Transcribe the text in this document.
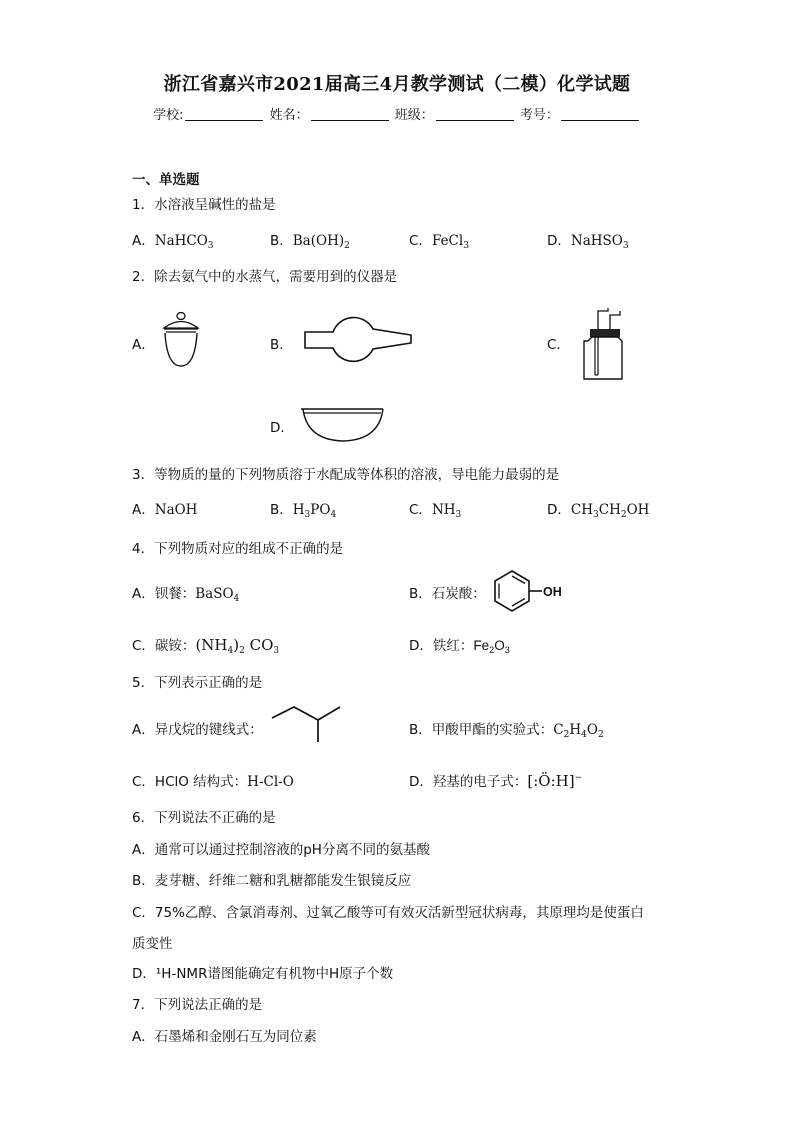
浙江省嘉兴市2021届高三4月教学测试（二模）化学试题
学校:	姓名：	班级：	考号：
一、单选题
1．水溶液呈碱性的盐是
A．NaHCO$_3$	B．$Ba(OH)_2$	C．FeCl$_3$	D．NaHSO$_3$
2．除去氨气中的水蒸气，需要用到的仪器是
A．	B．	C．
D．
3．等物质的量的下列物质溶于水配成等体积的溶液，导电能力最弱的是
A．NaOH	B．$H_3PO_4$	C．$NH_3$	D．$CH_3CH_2OH$
4．下列物质对应的组成不正确的是
A．钡餐：BaSO$_4$	B．石炭酸：	OH
C．碳铵：$(NH_4)_2$ $CO_3$	D．铁红：$Fe_2O_3$
5．下列表示正确的是
A．异戊烷的键线式：	B．甲酸甲酯的实验式：$C_2H_4O_2$
C．HClO 结构式：H-Cl-O	D．羟基的电子式：[:Ö:H]−
6．下列说法不正确的是
A．通常可以通过控制溶液的pH分离不同的氨基酸
B．麦芽糖、纤维二糖和乳糖都能发生银镜反应
C．75%乙醇、含氯消毒剂、过氧乙酸等可有效灭活新型冠状病毒，其原理均是使蛋白
质变性
D．¹H-NMR谱图能确定有机物中H原子个数
7．下列说法正确的是
A．石墨烯和金刚石互为同位素
